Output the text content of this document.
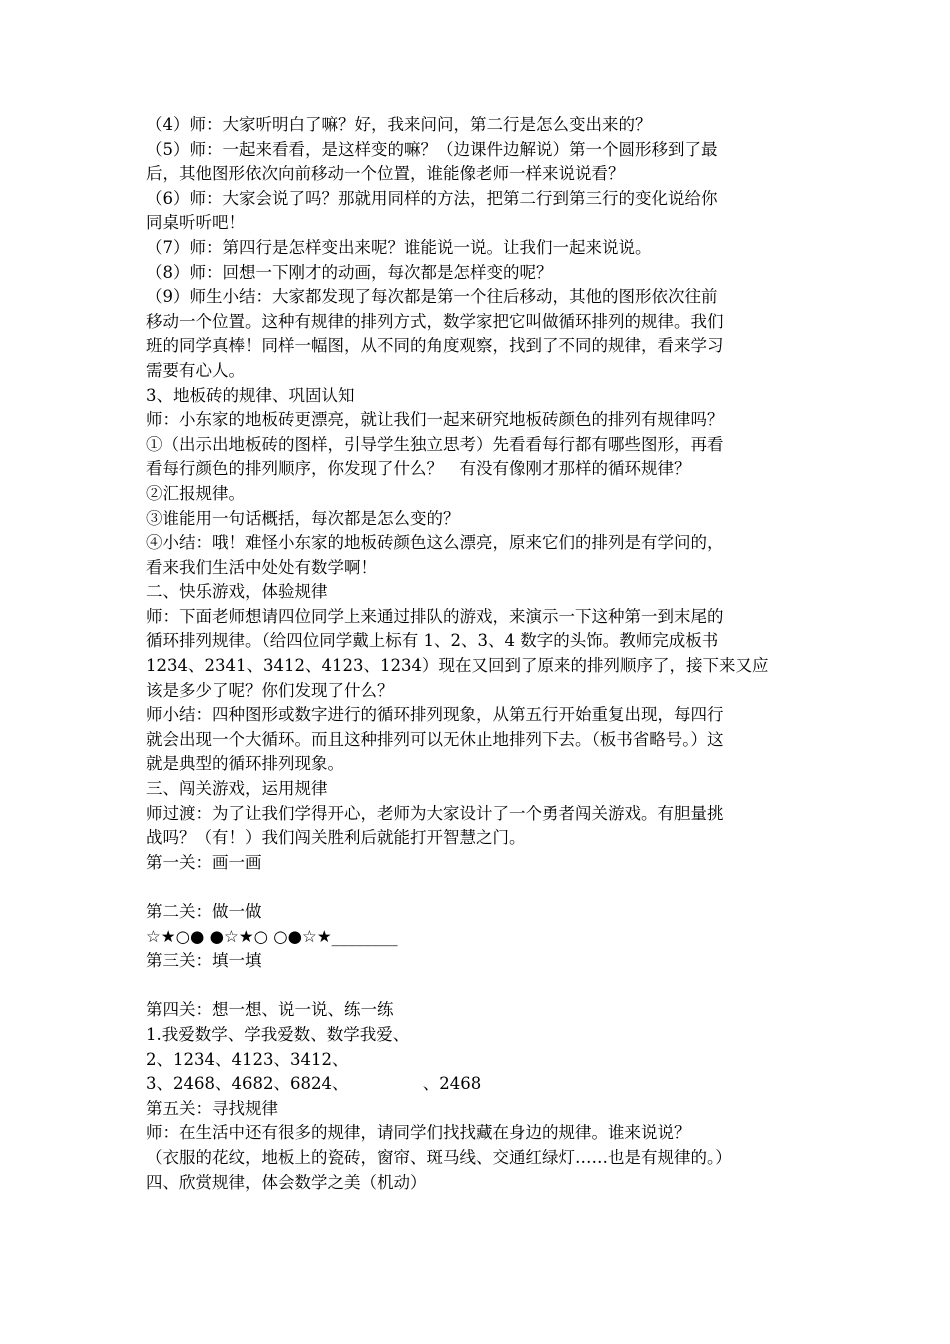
（4）师：大家听明白了嘛？好，我来问问，第二行是怎么变出来的？
（5）师：一起来看看，是这样变的嘛？（边课件边解说）第一个圆形移到了最
后，其他图形依次向前移动一个位置，谁能像老师一样来说说看？
（6）师：大家会说了吗？那就用同样的方法，把第二行到第三行的变化说给你
同桌听听吧！
（7）师：第四行是怎样变出来呢？谁能说一说。让我们一起来说说。
（8）师：回想一下刚才的动画，每次都是怎样变的呢？
（9）师生小结：大家都发现了每次都是第一个往后移动，其他的图形依次往前
移动一个位置。这种有规律的排列方式，数学家把它叫做循环排列的规律。我们
班的同学真棒！同样一幅图，从不同的角度观察，找到了不同的规律，看来学习
需要有心人。
3、地板砖的规律、巩固认知
师：小东家的地板砖更漂亮，就让我们一起来研究地板砖颜色的排列有规律吗？
①（出示出地板砖的图样，引导学生独立思考）先看看每行都有哪些图形，再看
看每行颜色的排列顺序，你发现了什么？　有没有像刚才那样的循环规律？
②汇报规律。
③谁能用一句话概括，每次都是怎么变的？
④小结：哦！难怪小东家的地板砖颜色这么漂亮，原来它们的排列是有学问的，
看来我们生活中处处有数学啊！
二、快乐游戏，体验规律
师：下面老师想请四位同学上来通过排队的游戏，来演示一下这种第一到末尾的
循环排列规律。（给四位同学戴上标有 1、2、3、4 数字的头饰。教师完成板书
1234、2341、3412、4123、1234）现在又回到了原来的排列顺序了，接下来又应
该是多少了呢？你们发现了什么？
师小结：四种图形或数字进行的循环排列现象，从第五行开始重复出现，每四行
就会出现一个大循环。而且这种排列可以无休止地排列下去。（板书省略号。）这
就是典型的循环排列现象。
三、闯关游戏，运用规律
师过渡：为了让我们学得开心，老师为大家设计了一个勇者闯关游戏。有胆量挑
战吗？（有！）我们闯关胜利后就能打开智慧之门。
第一关：画一画
第二关：做一做
☆★○● ●☆★○ ○●☆★________
第三关：填一填
第四关：想一想、说一说、练一练
1.我爱数学、学我爱数、数学我爱、
2、1234、4123、3412、
3、2468、4682、6824、　　　　　、2468
第五关：寻找规律
师：在生活中还有很多的规律，请同学们找找藏在身边的规律。谁来说说？
（衣服的花纹，地板上的瓷砖，窗帘、斑马线、交通红绿灯……也是有规律的。）
四、欣赏规律，体会数学之美（机动）
